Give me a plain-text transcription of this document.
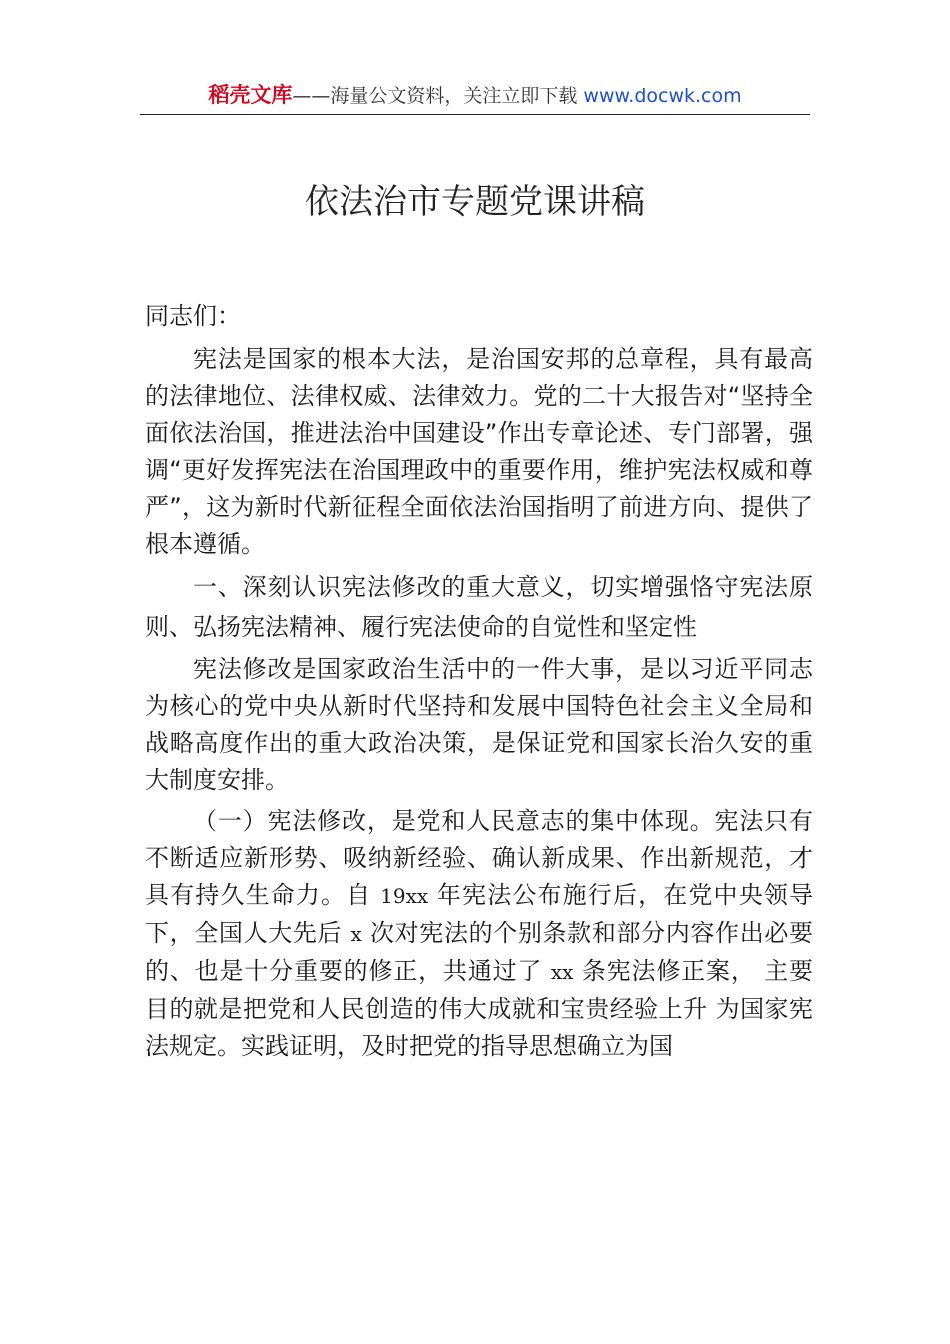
稻壳文库——海量公文资料，关注立即下载 www.docwk.com
依法治市专题党课讲稿

同志们：

宪法是国家的根本大法，是治国安邦的总章程，具有最高的法律地位、法律权威、法律效力。党的二十大报告对“坚持全面依法治国，推进法治中国建设”作出专章论述、专门部署，强调“更好发挥宪法在治国理政中的重要作用，维护宪法权威和尊严”，这为新时代新征程全面依法治国指明了前进方向、提供了根本遵循。

一、深刻认识宪法修改的重大意义，切实增强恪守宪法原则、弘扬宪法精神、履行宪法使命的自觉性和坚定性

宪法修改是国家政治生活中的一件大事，是以习近平同志为核心的党中央从新时代坚持和发展中国特色社会主义全局和战略高度作出的重大政治决策，是保证党和国家长治久安的重大制度安排。

（一）宪法修改，是党和人民意志的集中体现。宪法只有不断适应新形势、吸纳新经验、确认新成果、作出新规范，才具有持久生命力。自 19xx 年宪法公布施行后，在党中央领导下，全国人大先后 x 次对宪法的个别条款和部分内容作出必要的、也是十分重要的修正，共通过了 xx 条宪法修正案， 主要目的就是把党和人民创造的伟大成就和宝贵经验上升 为国家宪法规定。实践证明，及时把党的指导思想确立为国
